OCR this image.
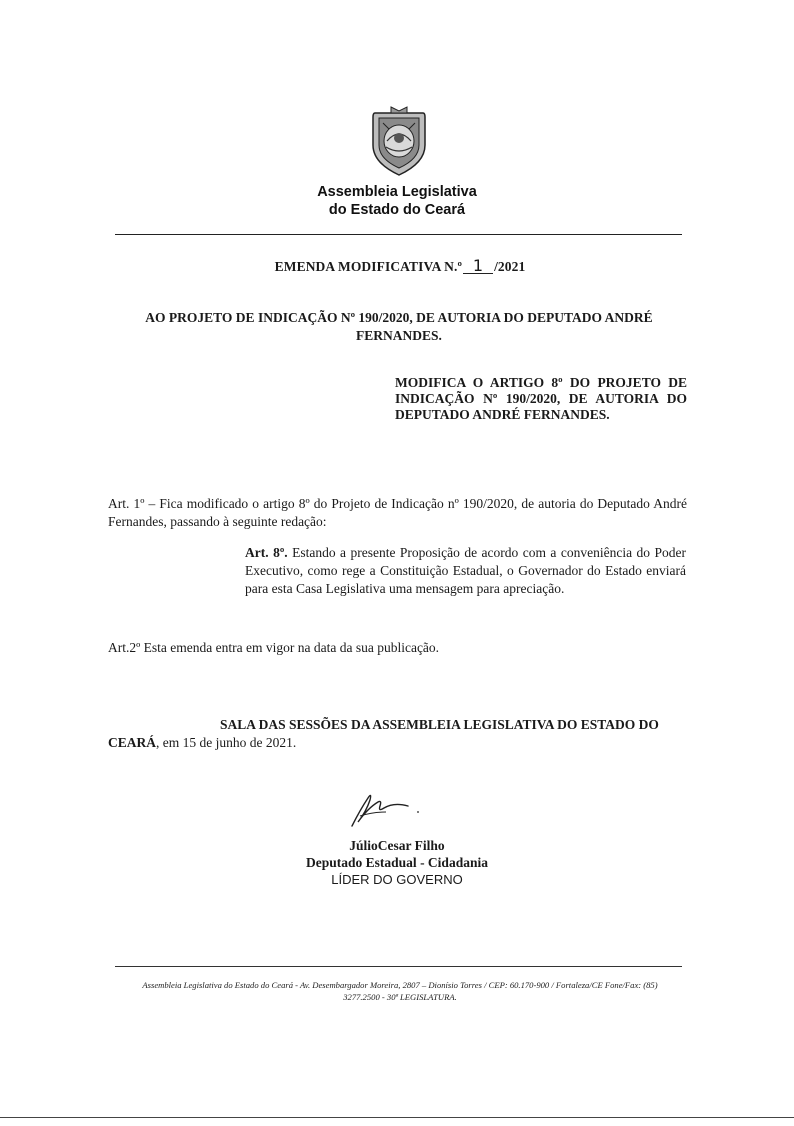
Assembleia Legislativa
do Estado do Ceará
EMENDA MODIFICATIVA N.º 1 /2021
AO PROJETO DE INDICAÇÃO Nº 190/2020, DE AUTORIA DO DEPUTADO ANDRÉ FERNANDES.
MODIFICA O ARTIGO 8º DO PROJETO DE INDICAÇÃO Nº 190/2020, DE AUTORIA DO DEPUTADO ANDRÉ FERNANDES.
Art. 1º – Fica modificado o artigo 8º do Projeto de Indicação nº 190/2020, de autoria do Deputado André Fernandes, passando à seguinte redação:
Art. 8º. Estando a presente Proposição de acordo com a conveniência do Poder Executivo, como rege a Constituição Estadual, o Governador do Estado enviará para esta Casa Legislativa uma mensagem para apreciação.
Art.2º Esta emenda entra em vigor na data da sua publicação.
SALA DAS SESSÕES DA ASSEMBLEIA LEGISLATIVA DO ESTADO DO
CEARÁ, em 15 de junho de 2021.
JúlioCesar Filho
Deputado Estadual - Cidadania
LÍDER DO GOVERNO
Assembleia Legislativa do Estado do Ceará - Av. Desembargador Moreira, 2807 – Dionísio Torres / CEP: 60.170-900 / Fortaleza/CE Fone/Fax: (85)
3277.2500 - 30ª LEGISLATURA.
